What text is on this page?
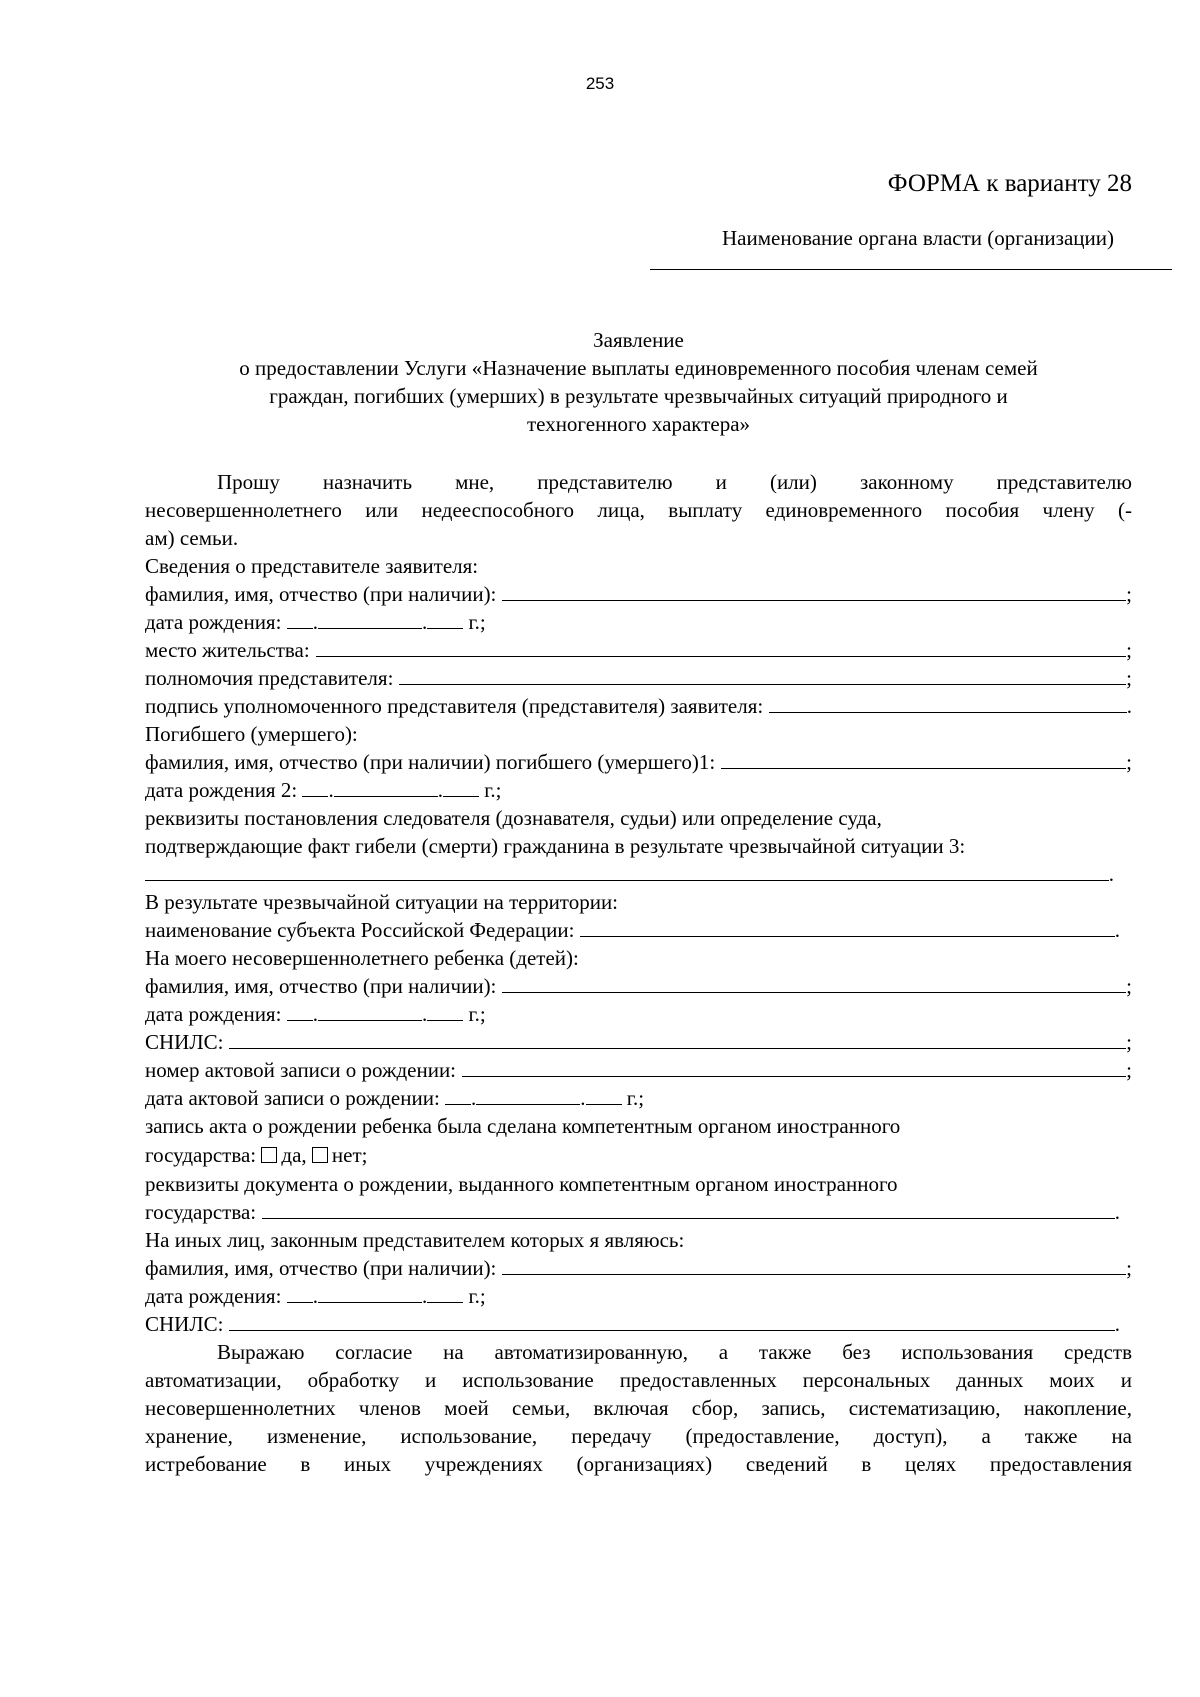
253
ФОРМА к варианту 28
Наименование органа власти (организации)
Заявление
о предоставлении Услуги «Назначение выплаты единовременного пособия членам семей
граждан, погибших (умерших) в результате чрезвычайных ситуаций природного и
техногенного характера»
Прошу назначить мне, представителю и (или) законному представителю
несовершеннолетнего или недееспособного лица, выплату единовременного пособия члену (-
ам) семьи.
Сведения о представителе заявителя:
фамилия, имя, отчество (при наличии):	;
дата рождения:
.	.
г.;
место жительства:	;
полномочия представителя:	;
подпись уполномоченного представителя (представителя) заявителя:	.
Погибшего (умершего):
фамилия, имя, отчество (при наличии) погибшего (умершего)1:	;
дата рождения 2:
.	.
г.;
реквизиты постановления следователя (дознавателя, судьи) или определение суда,
подтверждающие факт гибели (смерти) гражданина в результате чрезвычайной ситуации 3:
.
В результате чрезвычайной ситуации на территории:
наименование субъекта Российской Федерации:	.
На моего несовершеннолетнего ребенка (детей):
фамилия, имя, отчество (при наличии):	;
дата рождения:
.	.
г.;
СНИЛС:	;
номер актовой записи о рождении:	;
дата актовой записи о рождении:
.	.
г.;
запись акта о рождении ребенка была сделана компетентным органом иностранного
государства: да, нет;
реквизиты документа о рождении, выданного компетентным органом иностранного
государства:	.
На иных лиц, законным представителем которых я являюсь:
фамилия, имя, отчество (при наличии):	;
дата рождения:
.	.
г.;
СНИЛС:	.
Выражаю согласие на автоматизированную, а также без использования средств
автоматизации, обработку и использование предоставленных персональных данных моих и
несовершеннолетних членов моей семьи, включая сбор, запись, систематизацию, накопление,
хранение, изменение, использование, передачу (предоставление, доступ), а также на
истребование в иных учреждениях (организациях) сведений в целях предоставления
